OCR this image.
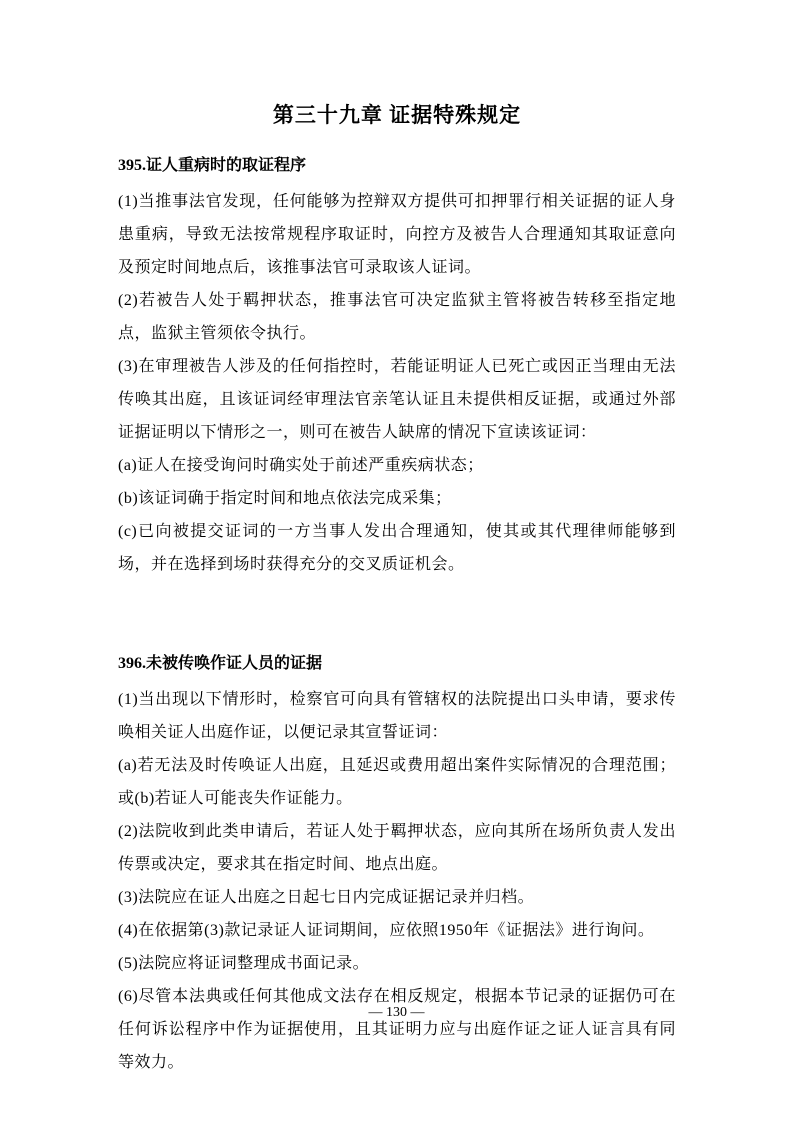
第三十九章 证据特殊规定
395.证人重病时的取证程序

(1)当推事法官发现，任何能够为控辩双方提供可扣押罪行相关证据的证人身患重病，导致无法按常规程序取证时，向控方及被告人合理通知其取证意向及预定时间地点后，该推事法官可录取该人证词。

(2)若被告人处于羁押状态，推事法官可决定监狱主管将被告转移至指定地点，监狱主管须依令执行。

(3)在审理被告人涉及的任何指控时，若能证明证人已死亡或因正当理由无法传唤其出庭，且该证词经审理法官亲笔认证且未提供相反证据，或通过外部证据证明以下情形之一，则可在被告人缺席的情况下宣读该证词：

(a)证人在接受询问时确实处于前述严重疾病状态；

(b)该证词确于指定时间和地点依法完成采集；

(c)已向被提交证词的一方当事人发出合理通知，使其或其代理律师能够到场，并在选择到场时获得充分的交叉质证机会。

396.未被传唤作证人员的证据

(1)当出现以下情形时，检察官可向具有管辖权的法院提出口头申请，要求传唤相关证人出庭作证，以便记录其宣誓证词：

(a)若无法及时传唤证人出庭，且延迟或费用超出案件实际情况的合理范围；或(b)若证人可能丧失作证能力。

(2)法院收到此类申请后，若证人处于羁押状态，应向其所在场所负责人发出传票或决定，要求其在指定时间、地点出庭。

(3)法院应在证人出庭之日起七日内完成证据记录并归档。

(4)在依据第(3)款记录证人证词期间，应依照1950年《证据法》进行询问。

(5)法院应将证词整理成书面记录。

(6)尽管本法典或任何其他成文法存在相反规定，根据本节记录的证据仍可在任何诉讼程序中作为证据使用，且其证明力应与出庭作证之证人证言具有同等效力。

— 130 —
